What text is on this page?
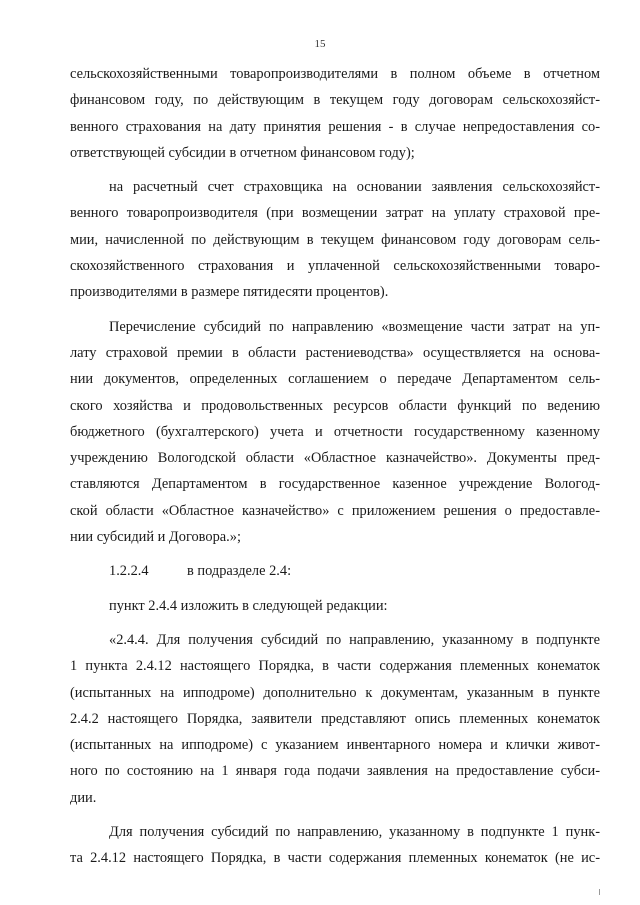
15
сельскохозяйственными товаропроизводителями в полном объеме в отчетном
финансовом году, по действующим в текущем году договорам сельскохозяйст-
венного страхования на дату принятия решения - в случае непредоставления со-
ответствующей субсидии в отчетном финансовом году);
на расчетный счет страховщика на основании заявления сельскохозяйст-
венного товаропроизводителя (при возмещении затрат на уплату страховой пре-
мии, начисленной по действующим в текущем финансовом году договорам сель-
скохозяйственного страхования и уплаченной сельскохозяйственными товаро-
производителями в размере пятидесяти процентов).
Перечисление субсидий по направлению «возмещение части затрат на уп-
лату страховой премии в области растениеводства» осуществляется на основа-
нии документов, определенных соглашением о передаче Департаментом сель-
ского хозяйства и продовольственных ресурсов области функций по ведению
бюджетного (бухгалтерского) учета и отчетности государственному казенному
учреждению Вологодской области «Областное казначейство». Документы пред-
ставляются Департаментом в государственное казенное учреждение Вологод-
ской области «Областное казначейство» с приложением решения о предоставле-
нии субсидий и Договора.»;
1.2.2.4	в подразделе 2.4:
пункт 2.4.4 изложить в следующей редакции:
«2.4.4. Для получения субсидий по направлению, указанному в подпункте
1 пункта 2.4.12 настоящего Порядка, в части содержания племенных конематок
(испытанных на ипподроме) дополнительно к документам, указанным в пункте
2.4.2 настоящего Порядка, заявители представляют опись племенных конематок
(испытанных на ипподроме) с указанием инвентарного номера и клички живот-
ного по состоянию на 1 января года подачи заявления на предоставление субси-
дии.
Для получения субсидий по направлению, указанному в подпункте 1 пунк-
та 2.4.12 настоящего Порядка, в части содержания племенных конематок (не ис-
